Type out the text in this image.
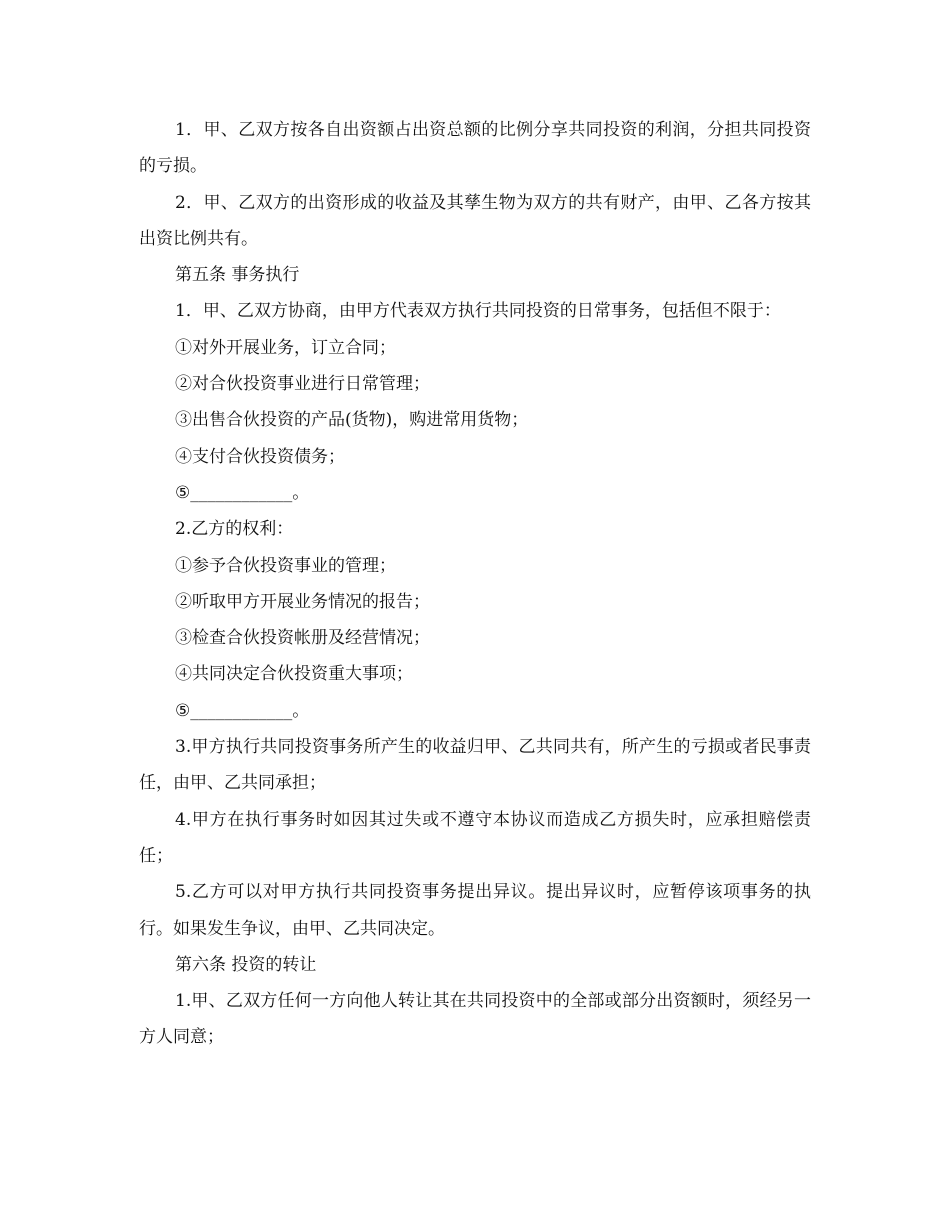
1．甲、乙双方按各自出资额占出资总额的比例分享共同投资的利润，分担共同投资的亏损。

2．甲、乙双方的出资形成的收益及其孳生物为双方的共有财产，由甲、乙各方按其出资比例共有。

第五条 事务执行

1．甲、乙双方协商，由甲方代表双方执行共同投资的日常事务，包括但不限于：

①对外开展业务，订立合同；

②对合伙投资事业进行日常管理；

③出售合伙投资的产品(货物)，购进常用货物；

④支付合伙投资债务；

⑤____________。

2.乙方的权利：

①参予合伙投资事业的管理；

②听取甲方开展业务情况的报告；

③检查合伙投资帐册及经营情况；

④共同决定合伙投资重大事项；

⑤____________。

3.甲方执行共同投资事务所产生的收益归甲、乙共同共有，所产生的亏损或者民事责任，由甲、乙共同承担；

4.甲方在执行事务时如因其过失或不遵守本协议而造成乙方损失时，应承担赔偿责任；

5.乙方可以对甲方执行共同投资事务提出异议。提出异议时，应暂停该项事务的执行。如果发生争议，由甲、乙共同决定。

第六条 投资的转让

1.甲、乙双方任何一方向他人转让其在共同投资中的全部或部分出资额时，须经另一方人同意；
